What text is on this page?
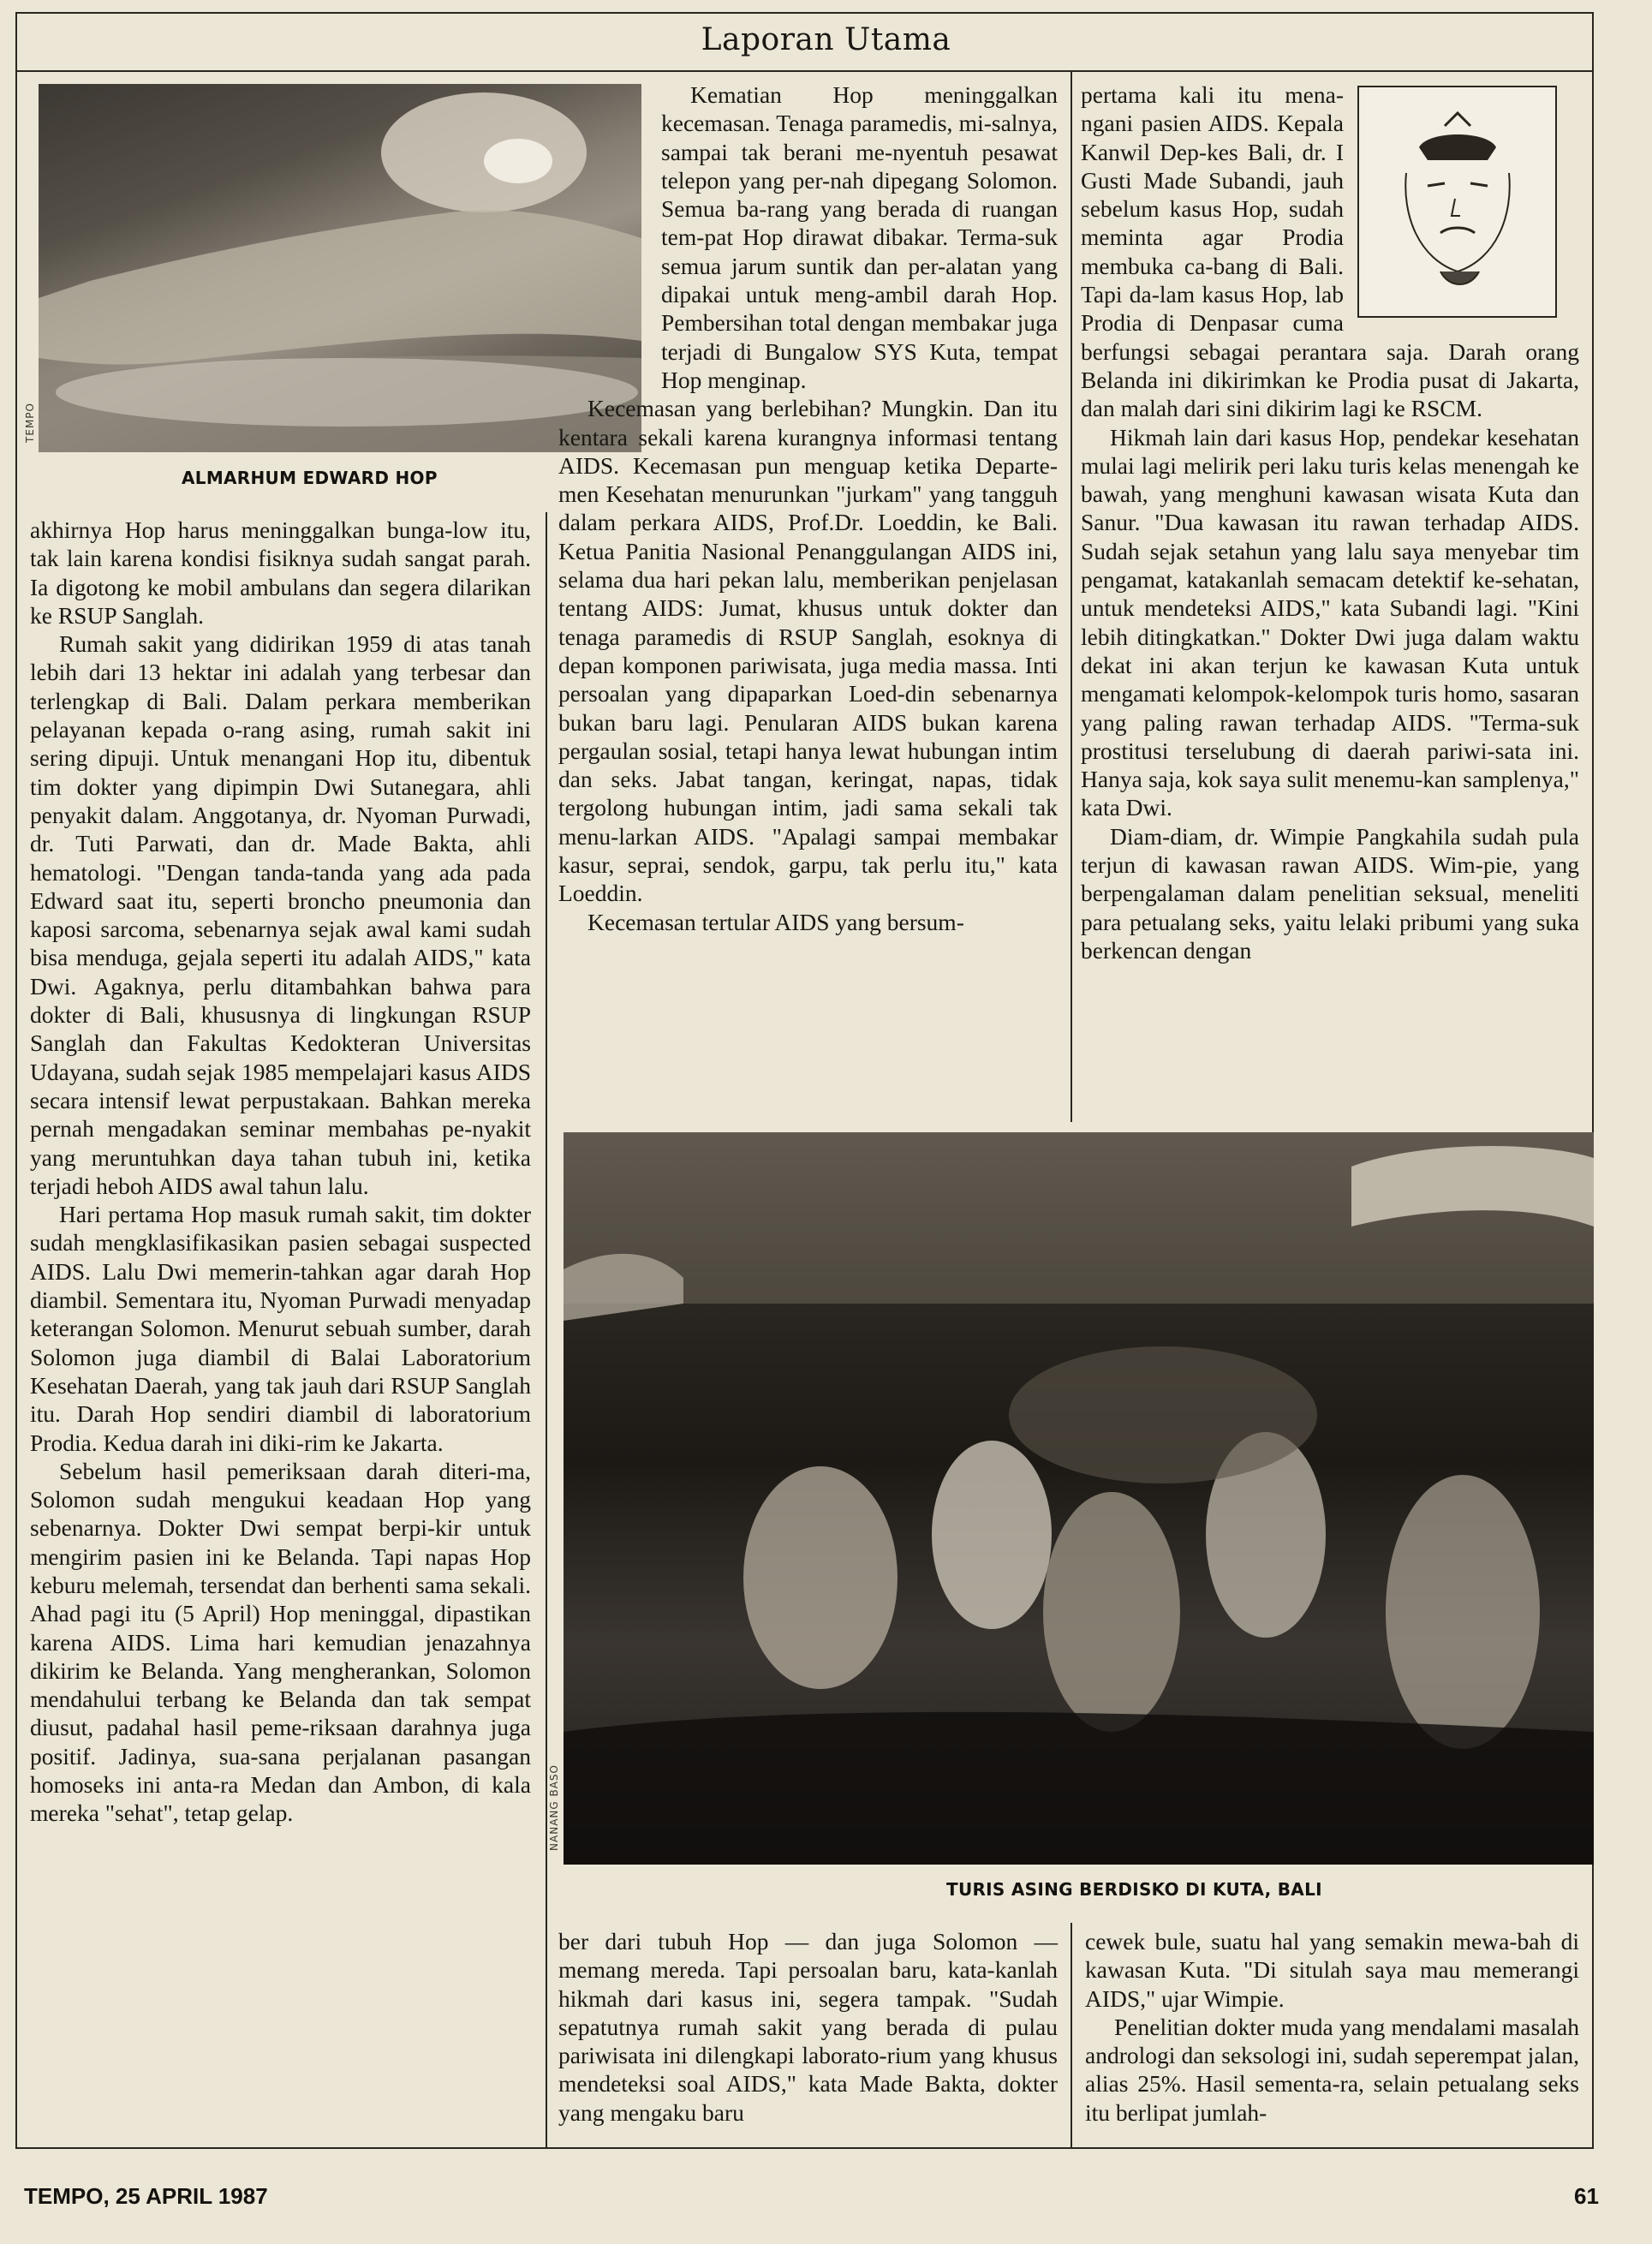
Laporan Utama
TEMPO
ALMARHUM EDWARD HOP

akhirnya Hop harus meninggalkan bunga-low itu, tak lain karena kondisi fisiknya sudah sangat parah. Ia digotong ke mobil ambulans dan segera dilarikan ke RSUP Sanglah.

Rumah sakit yang didirikan 1959 di atas tanah lebih dari 13 hektar ini adalah yang terbesar dan terlengkap di Bali. Dalam perkara memberikan pelayanan kepada o-rang asing, rumah sakit ini sering dipuji. Untuk menangani Hop itu, dibentuk tim dokter yang dipimpin Dwi Sutanegara, ahli penyakit dalam. Anggotanya, dr. Nyoman Purwadi, dr. Tuti Parwati, dan dr. Made Bakta, ahli hematologi. "Dengan tanda-tanda yang ada pada Edward saat itu, seperti broncho pneumonia dan kaposi sarcoma, sebenarnya sejak awal kami sudah bisa menduga, gejala seperti itu adalah AIDS," kata Dwi. Agaknya, perlu ditambahkan bahwa para dokter di Bali, khususnya di lingkungan RSUP Sanglah dan Fakultas Kedokteran Universitas Udayana, sudah sejak 1985 mempelajari kasus AIDS secara intensif lewat perpustakaan. Bahkan mereka pernah mengadakan seminar membahas pe-nyakit yang meruntuhkan daya tahan tubuh ini, ketika terjadi heboh AIDS awal tahun lalu.

Hari pertama Hop masuk rumah sakit, tim dokter sudah mengklasifikasikan pasien sebagai suspected AIDS. Lalu Dwi memerin-tahkan agar darah Hop diambil. Sementara itu, Nyoman Purwadi menyadap keterangan Solomon. Menurut sebuah sumber, darah Solomon juga diambil di Balai Laboratorium Kesehatan Daerah, yang tak jauh dari RSUP Sanglah itu. Darah Hop sendiri diambil di laboratorium Prodia. Kedua darah ini diki-rim ke Jakarta.

Sebelum hasil pemeriksaan darah diteri-ma, Solomon sudah mengukui keadaan Hop yang sebenarnya. Dokter Dwi sempat berpi-kir untuk mengirim pasien ini ke Belanda. Tapi napas Hop keburu melemah, tersendat dan berhenti sama sekali. Ahad pagi itu (5 April) Hop meninggal, dipastikan karena AIDS. Lima hari kemudian jenazahnya dikirim ke Belanda. Yang mengherankan, Solomon mendahului terbang ke Belanda dan tak sempat diusut, padahal hasil peme-riksaan darahnya juga positif. Jadinya, sua-sana perjalanan pasangan homoseks ini anta-ra Medan dan Ambon, di kala mereka "sehat", tetap gelap.

Kematian Hop meninggalkan kecemasan. Tenaga paramedis, mi-salnya, sampai tak berani me-nyentuh pesawat telepon yang per-nah dipegang Solomon. Semua ba-rang yang berada di ruangan tem-pat Hop dirawat dibakar. Terma-suk semua jarum suntik dan per-alatan yang dipakai untuk meng-ambil darah Hop. Pembersihan total dengan membakar juga terjadi di Bungalow SYS Kuta, tempat Hop menginap.

Kecemasan yang berlebihan? Mungkin. Dan itu kentara sekali karena kurangnya informasi tentang AIDS. Kecemasan pun menguap ketika Departe-men Kesehatan menurunkan "jurkam" yang tangguh dalam perkara AIDS, Prof.Dr. Loeddin, ke Bali. Ketua Panitia Nasional Penanggulangan AIDS ini, selama dua hari pekan lalu, memberikan penjelasan tentang AIDS: Jumat, khusus untuk dokter dan tenaga paramedis di RSUP Sanglah, esoknya di depan komponen pariwisata, juga media massa. Inti persoalan yang dipaparkan Loed-din sebenarnya bukan baru lagi. Penularan AIDS bukan karena pergaulan sosial, tetapi hanya lewat hubungan intim dan seks. Jabat tangan, keringat, napas, tidak tergolong hubungan intim, jadi sama sekali tak menu-larkan AIDS. "Apalagi sampai membakar kasur, seprai, sendok, garpu, tak perlu itu," kata Loeddin.

Kecemasan tertular AIDS yang bersum-

pertama kali itu mena-ngani pasien AIDS. Kepala Kanwil Dep-kes Bali, dr. I Gusti Made Subandi, jauh sebelum kasus Hop, sudah meminta agar Prodia membuka ca-bang di Bali. Tapi da-lam kasus Hop, lab Prodia di Denpasar cuma berfungsi sebagai perantara saja. Darah orang Belanda ini dikirimkan ke Prodia pusat di Jakarta, dan malah dari sini dikirim lagi ke RSCM.

Hikmah lain dari kasus Hop, pendekar kesehatan mulai lagi melirik peri laku turis kelas menengah ke bawah, yang menghuni kawasan wisata Kuta dan Sanur. "Dua kawasan itu rawan terhadap AIDS. Sudah sejak setahun yang lalu saya menyebar tim pengamat, katakanlah semacam detektif ke-sehatan, untuk mendeteksi AIDS," kata Subandi lagi. "Kini lebih ditingkatkan." Dokter Dwi juga dalam waktu dekat ini akan terjun ke kawasan Kuta untuk mengamati kelompok-kelompok turis homo, sasaran yang paling rawan terhadap AIDS. "Terma-suk prostitusi terselubung di daerah pariwi-sata ini. Hanya saja, kok saya sulit menemu-kan samplenya," kata Dwi.

Diam-diam, dr. Wimpie Pangkahila sudah pula terjun di kawasan rawan AIDS. Wim-pie, yang berpengalaman dalam penelitian seksual, meneliti para petualang seks, yaitu lelaki pribumi yang suka berkencan dengan

NANANG BASO
TURIS ASING BERDISKO DI KUTA, BALI

ber dari tubuh Hop — dan juga Solomon — memang mereda. Tapi persoalan baru, kata-kanlah hikmah dari kasus ini, segera tampak. "Sudah sepatutnya rumah sakit yang berada di pulau pariwisata ini dilengkapi laborato-rium yang khusus mendeteksi soal AIDS," kata Made Bakta, dokter yang mengaku baru

cewek bule, suatu hal yang semakin mewa-bah di kawasan Kuta. "Di situlah saya mau memerangi AIDS," ujar Wimpie.

Penelitian dokter muda yang mendalami masalah andrologi dan seksologi ini, sudah seperempat jalan, alias 25%. Hasil sementa-ra, selain petualang seks itu berlipat jumlah-

TEMPO, 25 APRIL 1987	61
